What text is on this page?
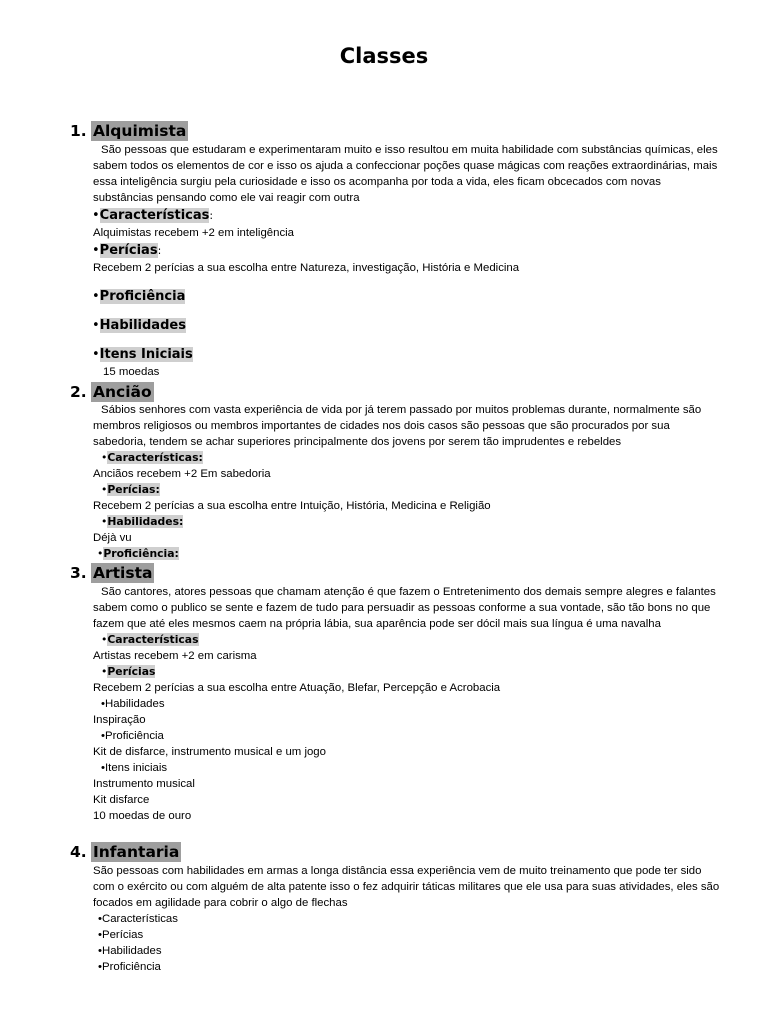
Classes
1. Alquimista

São pessoas que estudaram e experimentaram muito e isso resultou em muita habilidade com substâncias químicas, eles sabem todos os elementos de cor e isso os ajuda a confeccionar poções quase mágicas com reações extraordinárias, mais essa inteligência surgiu pela curiosidade e isso os acompanha por toda a vida, eles ficam obcecados com novas substâncias pensando como ele vai reagir com outra

•Características:
Alquimistas recebem +2 em inteligência
•Perícias:
Recebem 2 perícias a sua escolha entre Natureza, investigação, História e Medicina
•Proficiência
•Habilidades
•Itens Iniciais
15 moedas
2. Ancião

Sábios senhores com vasta experiência de vida por já terem passado por muitos problemas durante, normalmente são membros religiosos ou membros importantes de cidades nos dois casos são pessoas que são procurados por sua sabedoria, tendem se achar superiores principalmente dos jovens por serem tão imprudentes e rebeldes

•Características:
Anciãos recebem +2 Em sabedoria
•Perícias:
Recebem 2 perícias a sua escolha entre Intuição, História, Medicina e Religião
•Habilidades:
Déjà vu
•Proficiência:
3. Artista

São cantores, atores pessoas que chamam atenção é que fazem o Entretenimento dos demais sempre alegres e falantes sabem como o publico se sente e fazem de tudo para persuadir as pessoas conforme a sua vontade, são tão bons no que fazem que até eles mesmos caem na própria lábia, sua aparência pode ser dócil mais sua língua é uma navalha

•Características
Artistas recebem +2 em carisma
•Perícias
Recebem 2 perícias a sua escolha entre Atuação, Blefar, Percepção e Acrobacia
•Habilidades
Inspiração
•Proficiência
Kit de disfarce, instrumento musical e um jogo
•Itens iniciais
Instrumento musical
Kit disfarce
10 moedas de ouro
4. Infantaria

São pessoas com habilidades em armas a longa distância essa experiência vem de muito treinamento que pode ter sido com o exército ou com alguém de alta patente isso o fez adquirir táticas militares que ele usa para suas atividades, eles são focados em agilidade para cobrir o algo de flechas

•Características
•Perícias
•Habilidades
•Proficiência
